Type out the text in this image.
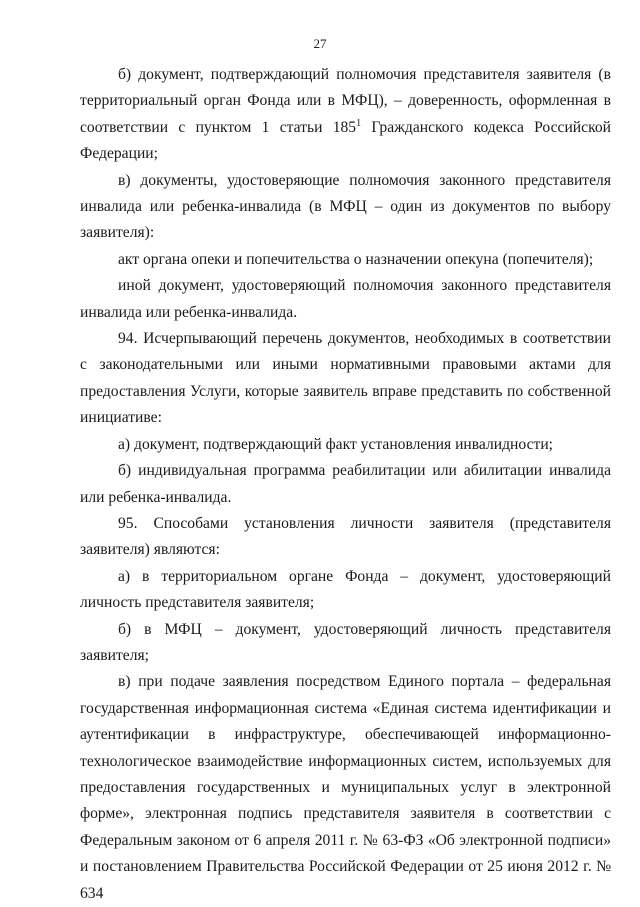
27

б) документ, подтверждающий полномочия представителя заявителя (в территориальный орган Фонда или в МФЦ), – доверенность, оформленная в соответствии с пунктом 1 статьи $185^1$ Гражданского кодекса Российской Федерации;

в) документы, удостоверяющие полномочия законного представителя инвалида или ребенка-инвалида (в МФЦ – один из документов по выбору заявителя):

акт органа опеки и попечительства о назначении опекуна (попечителя);

иной документ, удостоверяющий полномочия законного представителя инвалида или ребенка-инвалида.

94. Исчерпывающий перечень документов, необходимых в соответствии с законодательными или иными нормативными правовыми актами для предоставления Услуги, которые заявитель вправе представить по собственной инициативе:

а) документ, подтверждающий факт установления инвалидности;

б) индивидуальная программа реабилитации или абилитации инвалида или ребенка-инвалида.

95. Способами установления личности заявителя (представителя заявителя) являются:

а) в территориальном органе Фонда – документ, удостоверяющий личность представителя заявителя;

б) в МФЦ – документ, удостоверяющий личность представителя заявителя;

в) при подаче заявления посредством Единого портала – федеральная государственная информационная система «Единая система идентификации и аутентификации в инфраструктуре, обеспечивающей информационно-технологическое взаимодействие информационных систем, используемых для предоставления государственных и муниципальных услуг в электронной форме», электронная подпись представителя заявителя в соответствии с Федеральным законом от 6 апреля 2011 г. № 63-ФЗ «Об электронной подписи» и постановлением Правительства Российской Федерации от 25 июня 2012 г. № 634
